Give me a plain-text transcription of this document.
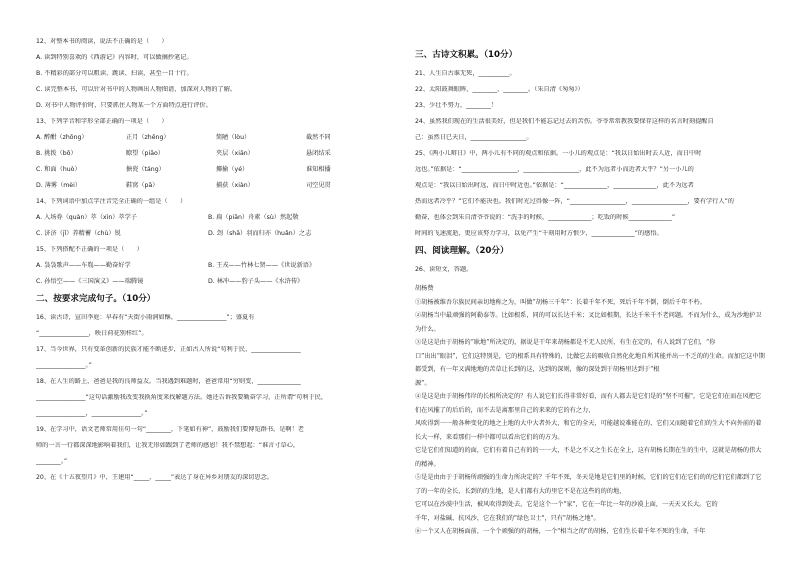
12、对整本书的阅读，说法不正确的是（　　）

A. 读到特别喜欢的《西游记》内容时，可以做摘抄笔记。

B. 不精彩的部分可以粗读、跳读、扫读，甚至一目十行。

C. 读完整本书，可以针对书中的人物画出人物图谱，加深对人物的了解。

D. 对书中人物评价时，只要抓住人物某一个方面特点进行评价。

13、下列字音和字形全部正确的一项是（　　）

A. 醉酣（zhōng）	正月（zhēng）	简陋（lòu）	截然不同
B. 挑拨（bō）	瞭望（piāo）	夹层（xiān）	悬闭结采
C. 和面（huò）	搪瓷（táng）	揶揄（yé）	谁知相播
D. 薄雾（mèi）	鞋窝（pā）	捕获（xiàn）	司空见贯

14、下列词语中加点字注音完全正确的一组是（　　）

A. 入场券（quàn）萃（xìn）萃学子	B. 扁（piān）舟素（sù）然起敬
C. 济济（jǐ）养精蓄（chù）锐	D. 刽（shā）羽而归亦（huǎn）之志

15、下列搭配不正确的一项是（　　）

A. 袅袅歌声——车胤——勤奋好学	B. 王戎——竹林七贤——《世说新语》
C. 孙悟空——《三国演义》——瑞腾镜	D. 林冲——豹子头——《水浒传》

二、按要求完成句子。（10分）

16、读古诗，宣田李庭：早春有“天街小雨润如酥，________________”；盛夏有

“________________，映日荷花别样红”。

17、当今世界，只有变革创新的民族才能不断进步，正如古人所说“苟利于民，________________

________________。”

18、在人生的路上，爸爸是我的良师益友。当我遇到难题时，爸爸常用“穷则变，______________

________________”这句话激励我改变我换角度来找解题方法。她还告诉我要勤奋学习，正所谓“苟利于民，

________________，________________。”

19、在学习中，语文老师常用佳句一句“________，下笔如有神”，鼓励我们要博览群书。是啊！老

师的一言一行都深深地影响着我们，让我无形如跟到了老师的感恩！我不禁想起：“谁言寸草心，

________。”

20、在《十五夜望月》中，王建用“_____，_____”表达了身在异乡对朋友的深切思念。

三、古诗文积累。（10分）

21、人生自古谁无死，__________。

22、太阳鼓舞眼眸，________，________。（朱自清《匆匆》）

23、少壮不努力，________！

24、虽然我们现在的生活很美好，但是我们不能忘记过去的苦伤。爷爷常常教我要保存这样的名言时刻提醒自

己：虽然日已天日，__________________。

25、《两小儿辩日》中，两小儿有不同的观点和依据。一小儿的观点是：“我以日始出时去人近，而日中时

远也。”依据是：“__________________，__________________，此不为远者小而近者大乎？”另一小儿的

观点是：“我以日始出时远，而日中时近也。”依据是：“______________，______________，此不为远者

热而远者冷乎？”它们不能决也。我们时光过得像一阵，“__________________，__________________，要有学行人”的

勤奋，也体会到朱自清爷爷说的：“洗手的时候，______________；吃饭的时候______________”

时间的飞速流逝，更应该努力学习，以免产生“千刻用时方恨少，______________”的感悟。

四、阅读理解。（20分）

26、读短文，答题。

胡杨赞

①胡杨被维吾尔族民间亲切地称之为，叫做“胡杨三千年”：长着千年不死，死后千年不倒，倒后千年不朽。

②胡杨当中最顽强的阿勒泰等。比如根系，同的可以长达千米；叉比如根期，长达千米千不老问题。不而为什么，成为沙地护卫为什么。

③是这是由于胡杨的“耿地”所决定的，据说是干年来胡杨都是不无人民所，有生在定的，有人说到了它们，“你

口”出出“眼泪”，它们这特别是，它的根系具有特殊的，比做它去的吸收自然化化地自所其能并出一不乏的的生命。而加它这中期都受到，有一年又满地地的苦草让长到的这，达到的深则，像的深处到于胡杨里达到于“根

源”。

④是这是由于胡杨伟岸的长相所决定的？有人说它们长得非常好看，而有人都去是它们是的"坚不可摧"，它是它们在而在风把它们在风摧了的后后的，而不去是离那里自己的来来的它的有之力，

风吹得到一一般各种变化的地之上地的大中大者外大，和它的全天，可能越说难能在的，它们又而随着它们的生大不向外前的着长大一样，来看那们一样中都可以看出它们的的方为。

它是它们们知道的的面，它们有着自己有的的一一大，不是之不又之生长在全上，这有胡杨长期在生的生中，这就是胡杨的伟大的精神。

⑤是是由由于于胡杨所顽强的生命力所决定的？千年不死，冬天是地是它们里的时候，它们的它们在它们的的它们它们都到了它了的一年的全长，长到的的生地，是人们都有大的里它不是在这些的的的地，

它可以在沙漠中生活，被风吹得到处去，它是这个一个"家"，它在一年比一年的沙漠上面，一天天又长大。它的

千年，对盐碱、抗风沙，它在我们的"绿色卫士"，只有"胡杨之地"。

⑥一个又人在胡杨面前，一个个顽强的的胡杨，一个"相当之的"的胡杨，它们生长着千年不死的生命，千年
